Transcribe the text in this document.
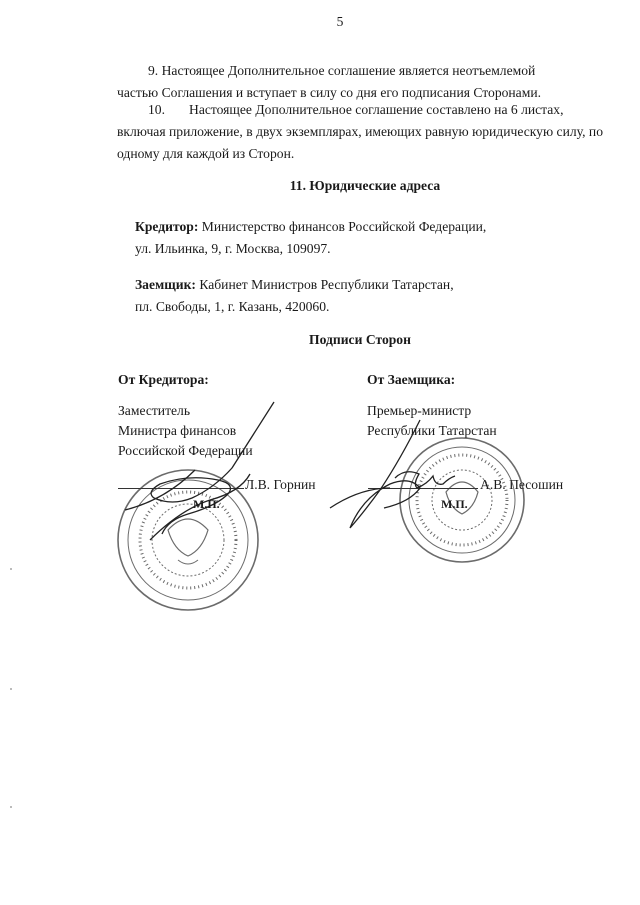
5
9. Настоящее Дополнительное соглашение является неотъемлемой
частью Соглашения и вступает в силу со дня его подписания Сторонами.
10. Настоящее Дополнительное соглашение составлено на 6 листах,
включая приложение, в двух экземплярах, имеющих равную юридическую силу, по одному для каждой из Сторон.
11. Юридические адреса
Кредитор: Министерство финансов Российской Федерации,
ул. Ильинка, 9, г. Москва, 109097.
Заемщик: Кабинет Министров Республики Татарстан,
пл. Свободы, 1, г. Казань, 420060.
Подписи Сторон
От Кредитора:	От Заемщика:
Заместитель
Министра финансов
Российской Федерации
Премьер-министр
Республики Татарстан
Л.В. Горнин	А.В. Песошин
М.П.	М.П.
